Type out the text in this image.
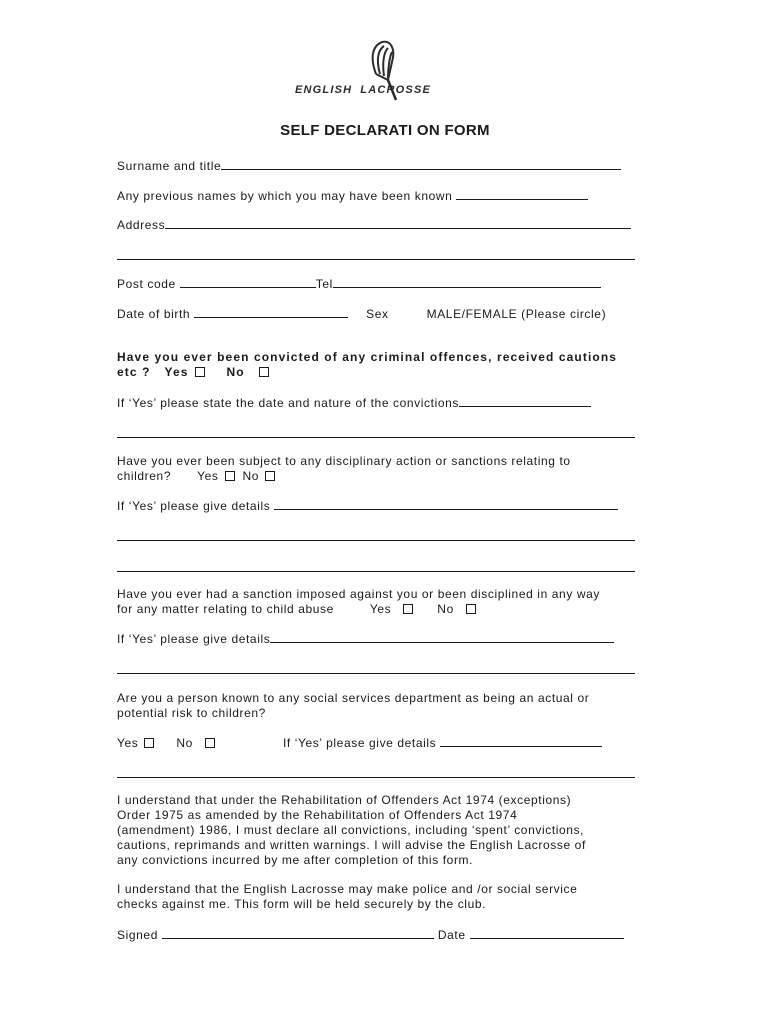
ENGLISH LACROSSE
SELF DECLARATI ON FORM
Surname and title
Any previous names by which you may have been known
Address
Post code	Tel
Date of birth	Sex	MALE/FEMALE (Please circle)
Have you ever been convicted of any criminal offences, received cautions
etc ? Yes	No
If ‘Yes’ please state the date and nature of the convictions
Have you ever been subject to any disciplinary action or sanctions relating to
children? Yes No
If ‘Yes’ please give details
Have you ever had a sanction imposed against you or been disciplined in any way
for any matter relating to child abuse	Yes	No
If ‘Yes’ please give details
Are you a person known to any social services department as being an actual or
potential risk to children?
Yes	No	If ‘Yes’ please give details
I understand that under the Rehabilitation of Offenders Act 1974 (exceptions)
Order 1975 as amended by the Rehabilitation of Offenders Act 1974
(amendment) 1986, I must declare all convictions, including ‘spent’ convictions,
cautions, reprimands and written warnings. I will advise the English Lacrosse of
any convictions incurred by me after completion of this form.
I understand that the English Lacrosse may make police and /or social service
checks against me. This form will be held securely by the club.
Signed	Date
